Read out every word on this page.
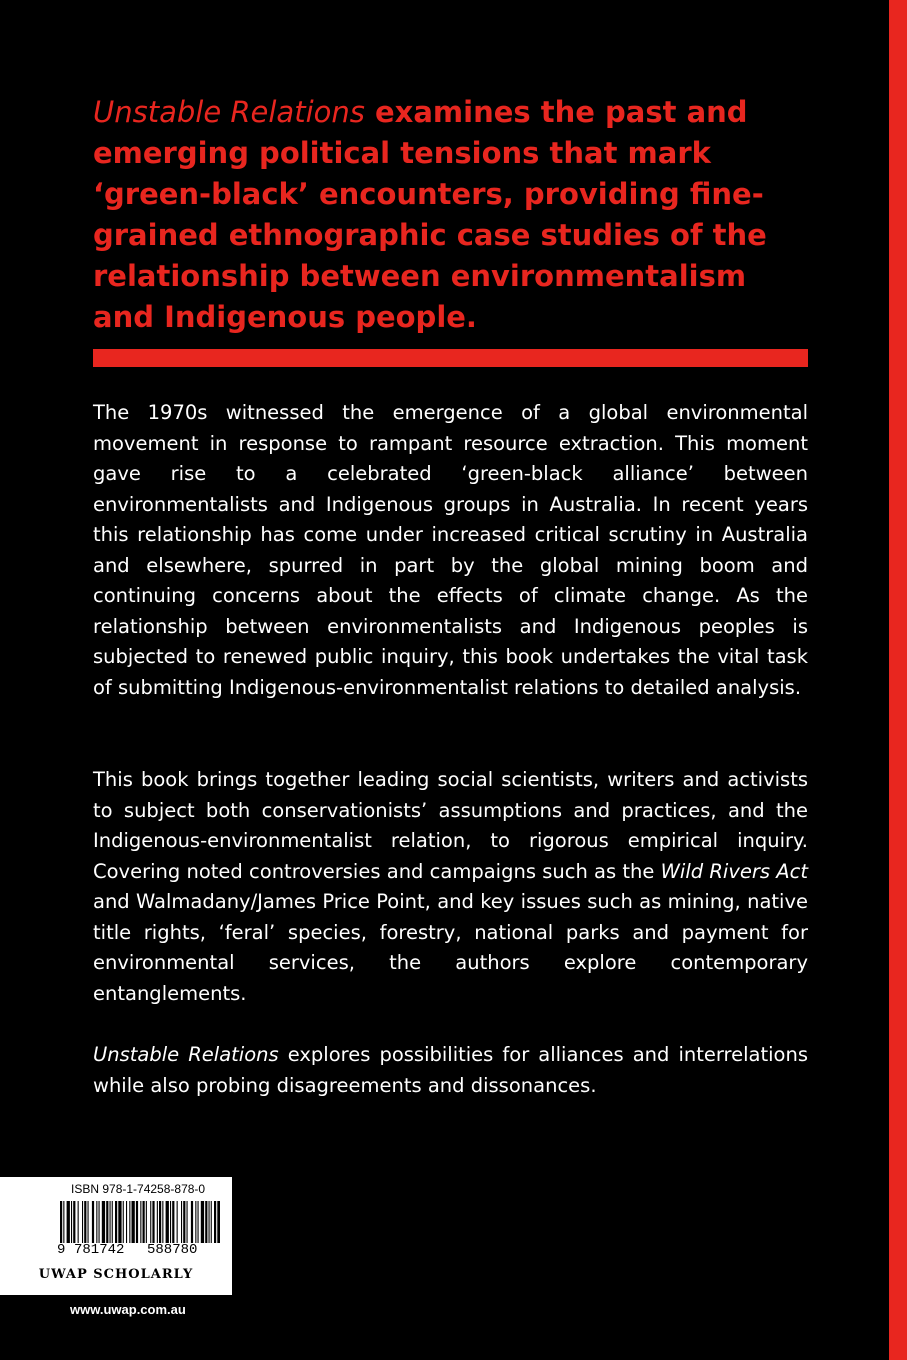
Unstable Relations examines the past and emerging political tensions that mark ‘green-black’ encounters, providing fine-grained ethnographic case studies of the relationship between environmentalism and Indigenous people.

The 1970s witnessed the emergence of a global environmental movement in response to rampant resource extraction. This moment gave rise to a celebrated ‘green-black alliance’ between environmentalists and Indigenous groups in Australia. In recent years this relationship has come under increased critical scrutiny in Australia and elsewhere, spurred in part by the global mining boom and continuing concerns about the effects of climate change. As the relationship between environmentalists and Indigenous peoples is subjected to renewed public inquiry, this book undertakes the vital task of submitting Indigenous-environmentalist relations to detailed analysis.

This book brings together leading social scientists, writers and activists to subject both conservationists’ assumptions and practices, and the Indigenous-environmentalist relation, to rigorous empirical inquiry. Covering noted controversies and campaigns such as the Wild Rivers Act and Walmadany/James Price Point, and key issues such as mining, native title rights, ‘feral’ species, forestry, national parks and payment for environmental services, the authors explore contemporary entanglements.

Unstable Relations explores possibilities for alliances and interrelations while also probing disagreements and dissonances.

ISBN 978-1-74258-878-0
9 781742 588780
UWAP SCHOLARLY
www.uwap.com.au
